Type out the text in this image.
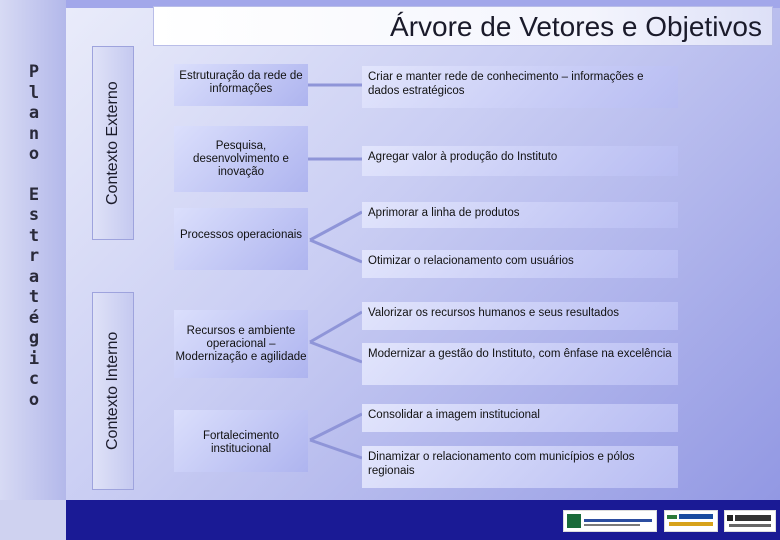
P
l
a
n
o
E
s
t
r
a
t
é
g
i
c
o
Árvore de Vetores e Objetivos
Contexto Externo
Contexto Interno
Estruturação da rede de informações
Pesquisa, desenvolvimento e inovação
Processos operacionais
Recursos e ambiente operacional – Modernização e agilidade
Fortalecimento institucional
Criar e manter rede de conhecimento – informações e dados estratégicos
Agregar valor à produção do Instituto
Aprimorar a linha de produtos
Otimizar o relacionamento com usuários
Valorizar os recursos humanos e seus resultados
Modernizar a gestão do Instituto, com ênfase na excelência
Consolidar a imagem institucional
Dinamizar o relacionamento com municípios e pólos regionais
